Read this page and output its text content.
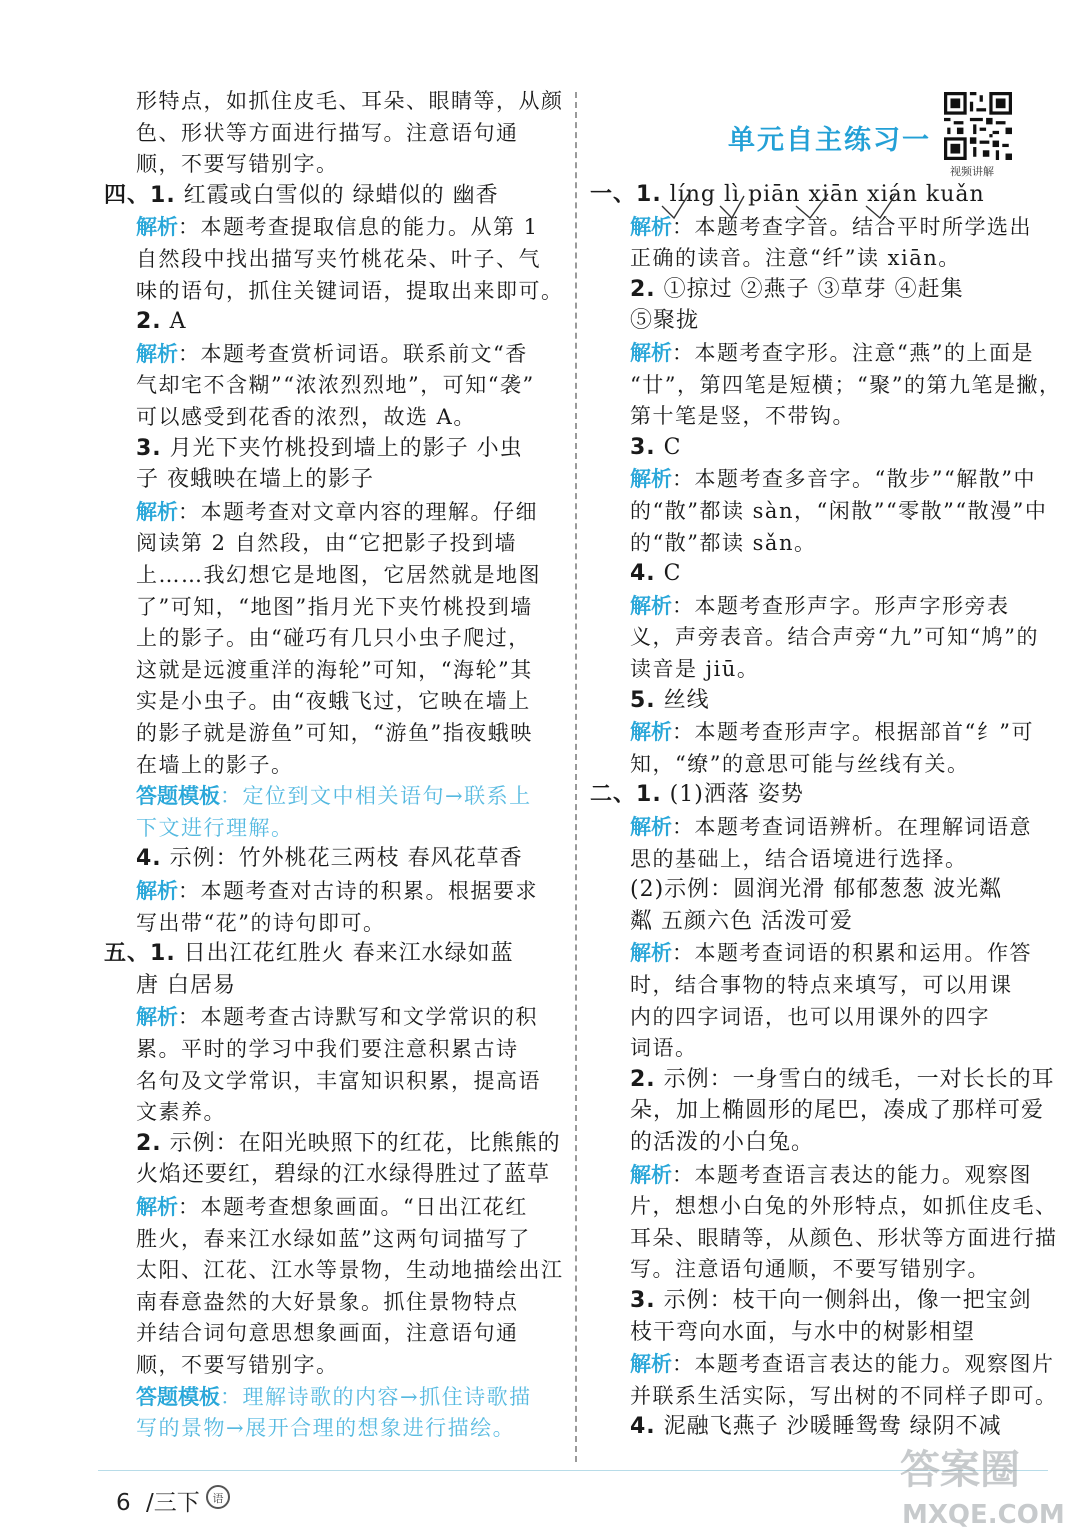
形特点，如抓住皮毛、耳朵、眼睛等，从颜
色、形状等方面进行描写。注意语句通
顺，不要写错别字。
四、1. 红霞或白雪似的 绿蜡似的 幽香
解析：本题考查提取信息的能力。从第 1
自然段中找出描写夹竹桃花朵、叶子、气
味的语句，抓住关键词语，提取出来即可。
2. A
解析：本题考查赏析词语。联系前文“香
气却宅不含糊”“浓浓烈烈地”，可知“袭”
可以感受到花香的浓烈，故选 A。
3. 月光下夹竹桃投到墙上的影子 小虫
子 夜蛾映在墙上的影子
解析：本题考查对文章内容的理解。仔细
阅读第 2 自然段，由“它把影子投到墙
上……我幻想它是地图，它居然就是地图
了”可知，“地图”指月光下夹竹桃投到墙
上的影子。由“碰巧有几只小虫子爬过，
这就是远渡重洋的海轮”可知，“海轮”其
实是小虫子。由“夜蛾飞过，它映在墙上
的影子就是游鱼”可知，“游鱼”指夜蛾映
在墙上的影子。
答题模板：定位到文中相关语句→联系上
下文进行理解。
4. 示例：竹外桃花三两枝 春风花草香
解析：本题考查对古诗的积累。根据要求
写出带“花”的诗句即可。
五、1. 日出江花红胜火 春来江水绿如蓝
唐 白居易
解析：本题考查古诗默写和文学常识的积
累。平时的学习中我们要注意积累古诗
名句及文学常识，丰富知识积累，提高语
文素养。
2. 示例：在阳光映照下的红花，比熊熊的
火焰还要红，碧绿的江水绿得胜过了蓝草
解析：本题考查想象画面。“日出江花红
胜火，春来江水绿如蓝”这两句词描写了
太阳、江花、江水等景物，生动地描绘出江
南春意盎然的大好景象。抓住景物特点
并结合词句意思想象画面，注意语句通
顺，不要写错别字。
答题模板：理解诗歌的内容→抓住诗歌描
写的景物→展开合理的想象进行描绘。
一、1. líng lì piān xiān xián kuǎn
解析：本题考查字音。结合平时所学选出
正确的读音。注意“纤”读 xiān。
2. ①掠过 ②燕子 ③草芽 ④赶集
⑤聚拢
解析：本题考查字形。注意“燕”的上面是
“廿”，第四笔是短横；“聚”的第九笔是撇，
第十笔是竖，不带钩。
3. C
解析：本题考查多音字。“散步”“解散”中
的“散”都读 sàn，“闲散”“零散”“散漫”中
的“散”都读 sǎn。
4. C
解析：本题考查形声字。形声字形旁表
义，声旁表音。结合声旁“九”可知“鸠”的
读音是 jiū。
5. 丝线
解析：本题考查形声字。根据部首“纟”可
知，“缭”的意思可能与丝线有关。
二、1. (1)洒落 姿势
解析：本题考查词语辨析。在理解词语意
思的基础上，结合语境进行选择。
(2)示例：圆润光滑 郁郁葱葱 波光粼
粼 五颜六色 活泼可爱
解析：本题考查词语的积累和运用。作答
时，结合事物的特点来填写，可以用课
内的四字词语，也可以用课外的四字
词语。
2. 示例：一身雪白的绒毛，一对长长的耳
朵，加上椭圆形的尾巴，凑成了那样可爱
的活泼的小白兔。
解析：本题考查语言表达的能力。观察图
片，想想小白兔的外形特点，如抓住皮毛、
耳朵、眼睛等，从颜色、形状等方面进行描
写。注意语句通顺，不要写错别字。
3. 示例：枝干向一侧斜出，像一把宝剑
枝干弯向水面，与水中的树影相望
解析：本题考查语言表达的能力。观察图片
并联系生活实际，写出树的不同样子即可。
4. 泥融飞燕子 沙暖睡鸳鸯 绿阴不减
单元自主练习一
视频讲解
6 /三下	语
答案圈
MXQE.COM
